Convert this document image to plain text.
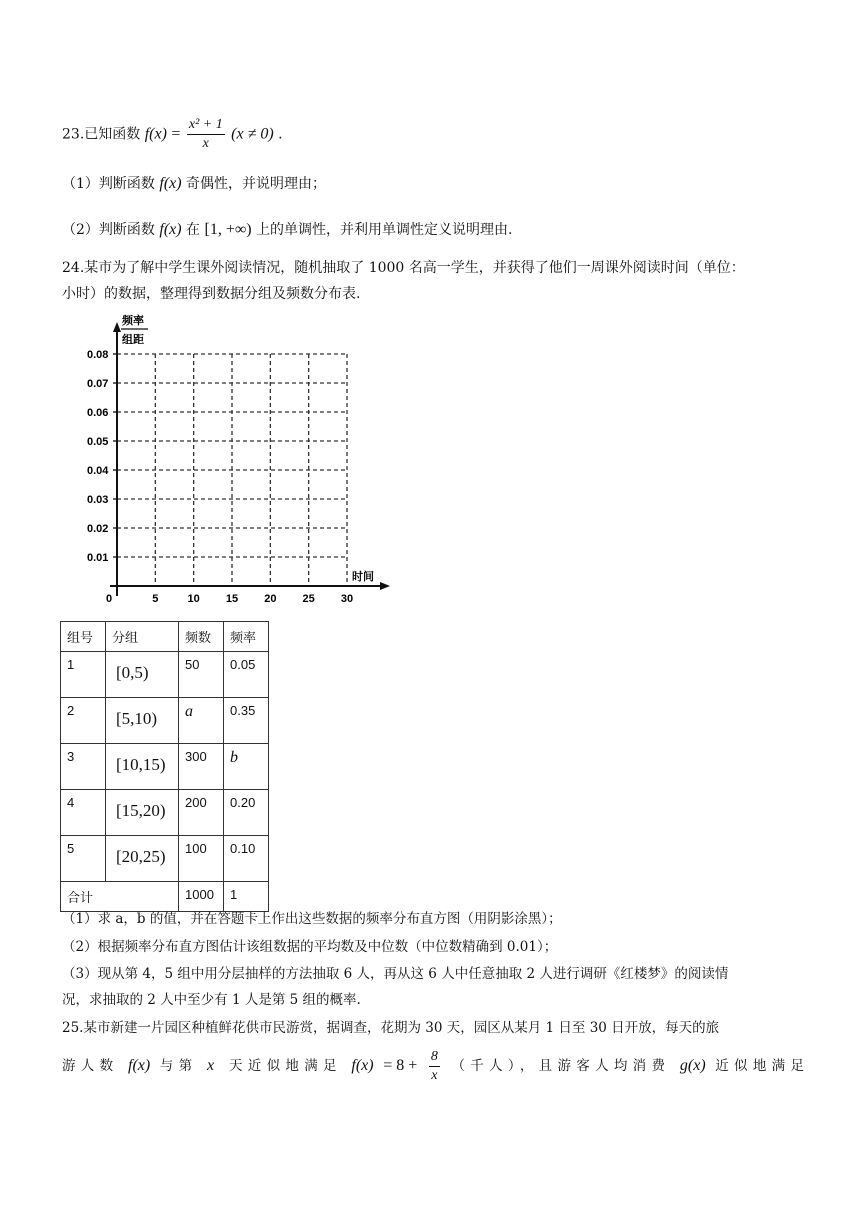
23.已知函数 $f(x) = \frac{\text{x² + 1}}{x} (x \ne 0)$ .
（1）判断函数 f(x) 奇偶性，并说明理由；
（2）判断函数 f(x) 在 [1, +∞) 上的单调性，并利用单调性定义说明理由.
24.某市为了解中学生课外阅读情况，随机抽取了 1000 名高一学生，并获得了他们一周课外阅读时间（单位：
小时）的数据，整理得到数据分组及频数分布表.
0.01
0.02
0.03
0.04
0.05
0.06
0.07
0.08
5	10 15 20 25 30
频率
组距
时间
0
组号	分组	频数	频率
1	[0,5)	50	0.05
2	[5,10)	a	0.35
3	[10,15)	300	b
4	[15,20)	200	0.20
5	[20,25)	100	0.10
合计		1000	1
（1）求 a，b 的值，并在答题卡上作出这些数据的频率分布直方图（用阴影涂黑）；
（2）根据频率分布直方图估计该组数据的平均数及中位数（中位数精确到 0.01）；
（3）现从第 4，5 组中用分层抽样的方法抽取 6 人，再从这 6 人中任意抽取 2 人进行调研《红楼梦》的阅读情
况，求抽取的 2 人中至少有 1 人是第 5 组的概率.
25.某市新建一片园区种植鲜花供市民游赏，据调查，花期为 30 天，园区从某月 1 日至 30 日开放，每天的旅
游人数 f(x) 与第 x 天近似地满足 $f(x) = 8 + \frac{8}{x}$ （千人），且游客人均消费 g(x) 近似地满足
